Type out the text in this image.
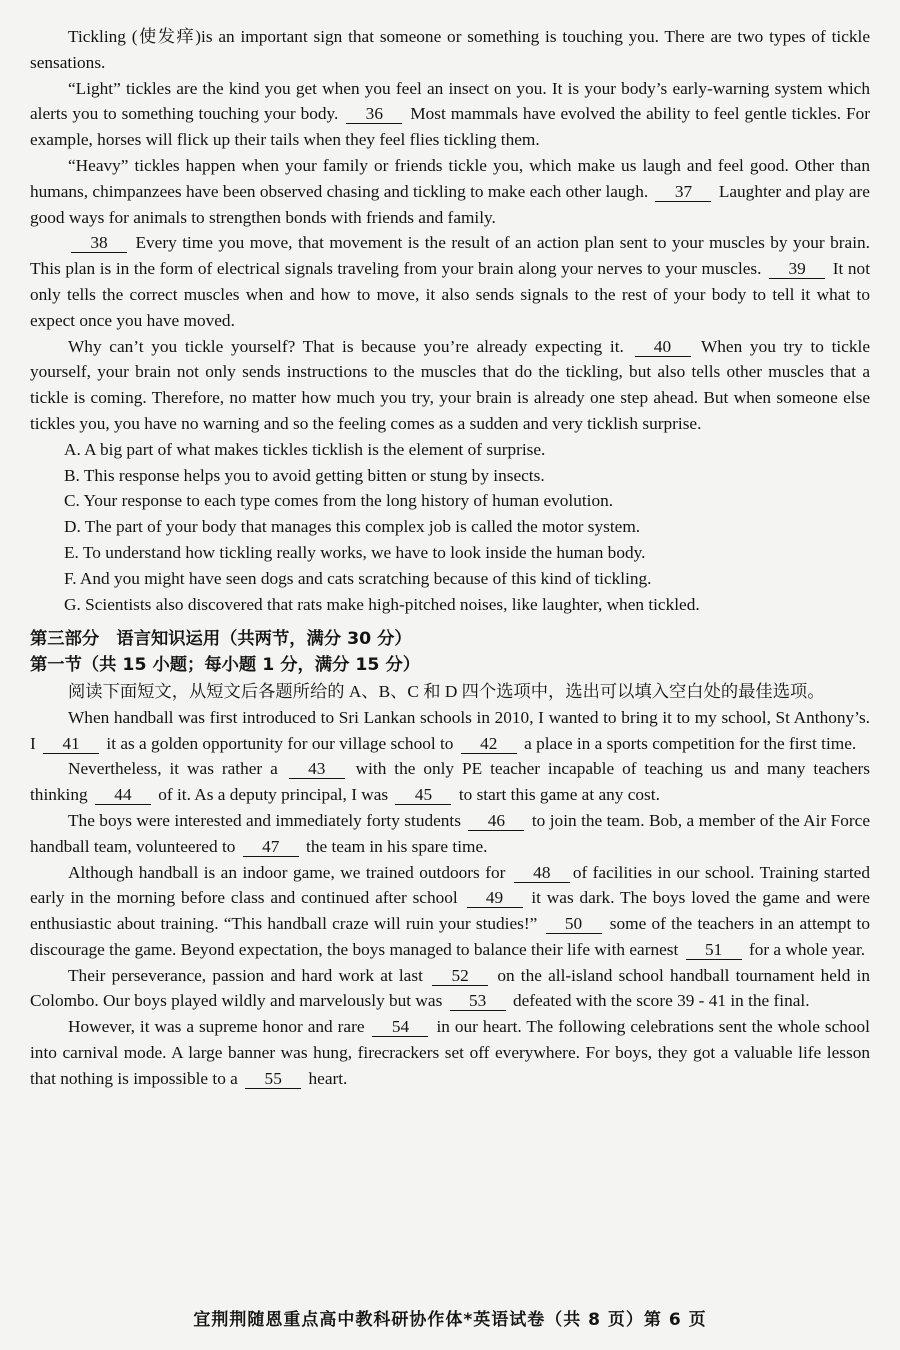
Tickling (使发痒)is an important sign that someone or something is touching you. There are two types of tickle sensations.

“Light” tickles are the kind you get when you feel an insect on you. It is your body’s early-warning system which alerts you to something touching your body. 36 Most mammals have evolved the ability to feel gentle tickles. For example, horses will flick up their tails when they feel flies tickling them.

“Heavy” tickles happen when your family or friends tickle you, which make us laugh and feel good. Other than humans, chimpanzees have been observed chasing and tickling to make each other laugh. 37 Laughter and play are good ways for animals to strengthen bonds with friends and family.

38 Every time you move, that movement is the result of an action plan sent to your muscles by your brain. This plan is in the form of electrical signals traveling from your brain along your nerves to your muscles. 39 It not only tells the correct muscles when and how to move, it also sends signals to the rest of your body to tell it what to expect once you have moved.

Why can’t you tickle yourself? That is because you’re already expecting it. 40 When you try to tickle yourself, your brain not only sends instructions to the muscles that do the tickling, but also tells other muscles that a tickle is coming. Therefore, no matter how much you try, your brain is already one step ahead. But when someone else tickles you, you have no warning and so the feeling comes as a sudden and very ticklish surprise.

A. A big part of what makes tickles ticklish is the element of surprise.
B. This response helps you to avoid getting bitten or stung by insects.
C. Your response to each type comes from the long history of human evolution.
D. The part of your body that manages this complex job is called the motor system.
E. To understand how tickling really works, we have to look inside the human body.
F. And you might have seen dogs and cats scratching because of this kind of tickling.
G. Scientists also discovered that rats make high-pitched noises, like laughter, when tickled.

第三部分　语言知识运用（共两节，满分 30 分）

第一节（共 15 小题；每小题 1 分，满分 15 分）

阅读下面短文，从短文后各题所给的 A、B、C 和 D 四个选项中，选出可以填入空白处的最佳选项。

When handball was first introduced to Sri Lankan schools in 2010, I wanted to bring it to my school, St Anthony’s. I 41 it as a golden opportunity for our village school to 42 a place in a sports competition for the first time.

Nevertheless, it was rather a 43 with the only PE teacher incapable of teaching us and many teachers thinking 44 of it. As a deputy principal, I was 45 to start this game at any cost.

The boys were interested and immediately forty students 46 to join the team. Bob, a member of the Air Force handball team, volunteered to 47 the team in his spare time.

Although handball is an indoor game, we trained outdoors for 48 of facilities in our school. Training started early in the morning before class and continued after school 49 it was dark. The boys loved the game and were enthusiastic about training. “This handball craze will ruin your studies!” 50 some of the teachers in an attempt to discourage the game. Beyond expectation, the boys managed to balance their life with earnest 51 for a whole year.

Their perseverance, passion and hard work at last 52 on the all-island school handball tournament held in Colombo. Our boys played wildly and marvelously but was 53 defeated with the score 39 - 41 in the final.

However, it was a supreme honor and rare 54 in our heart. The following celebrations sent the whole school into carnival mode. A large banner was hung, firecrackers set off everywhere. For boys, they got a valuable life lesson that nothing is impossible to a 55 heart.

宜荆荆随恩重点高中教科研协作体*英语试卷（共 8 页）第 6 页
